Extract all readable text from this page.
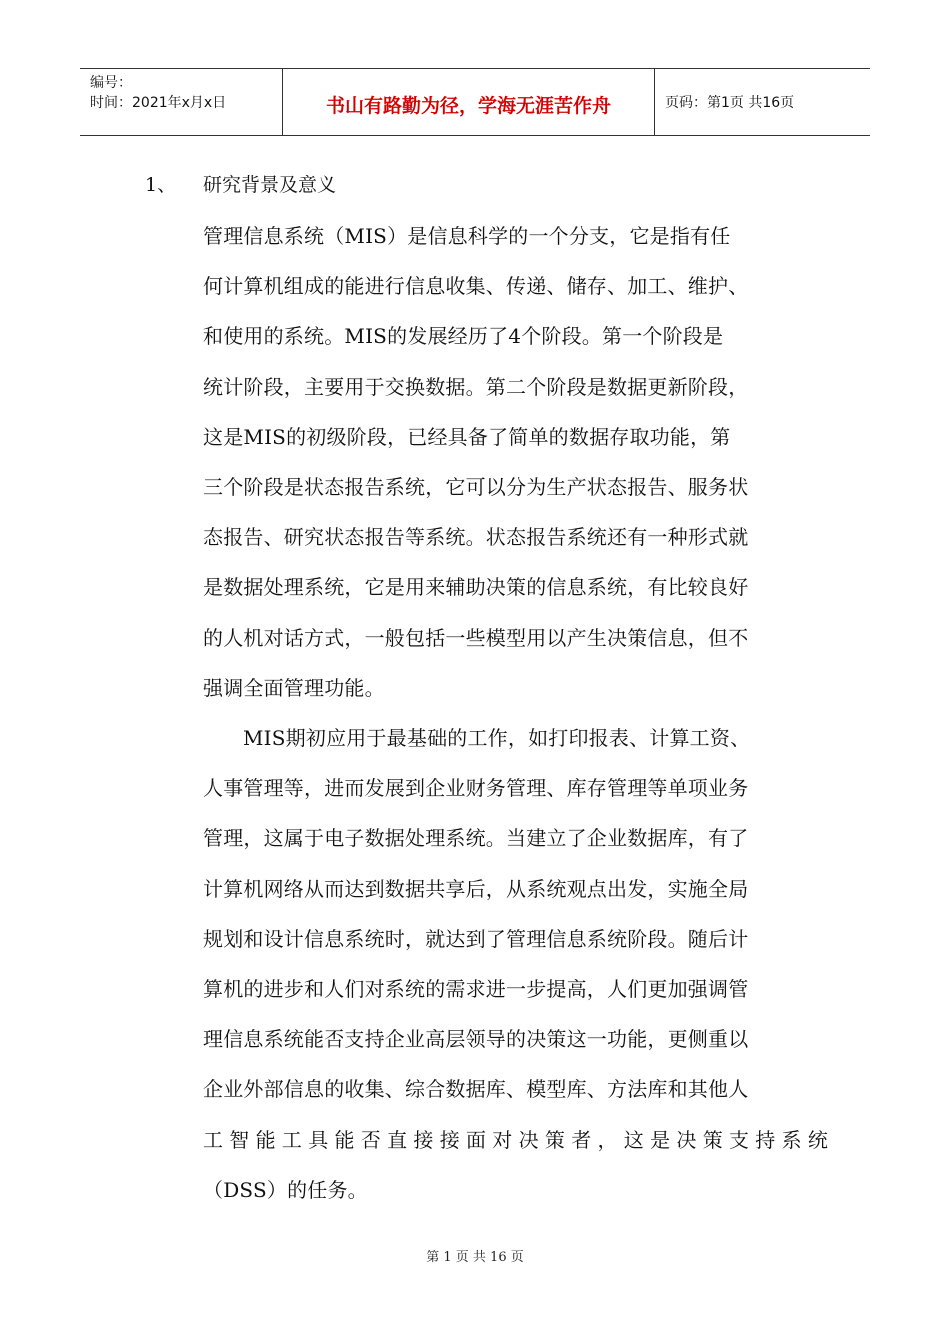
编号：
时间：2021年x月x日	书山有路勤为径，学海无涯苦作舟	页码：第1页 共16页
1、	研究背景及意义

管理信息系统（MIS）是信息科学的一个分支，它是指有任
何计算机组成的能进行信息收集、传递、储存、加工、维护、
和使用的系统。MIS的发展经历了4个阶段。第一个阶段是
统计阶段，主要用于交换数据。第二个阶段是数据更新阶段，
这是MIS的初级阶段，已经具备了简单的数据存取功能，第
三个阶段是状态报告系统，它可以分为生产状态报告、服务状
态报告、研究状态报告等系统。状态报告系统还有一种形式就
是数据处理系统，它是用来辅助决策的信息系统，有比较良好
的人机对话方式，一般包括一些模型用以产生决策信息，但不
强调全面管理功能。

MIS期初应用于最基础的工作，如打印报表、计算工资、
人事管理等，进而发展到企业财务管理、库存管理等单项业务
管理，这属于电子数据处理系统。当建立了企业数据库，有了
计算机网络从而达到数据共享后，从系统观点出发，实施全局
规划和设计信息系统时，就达到了管理信息系统阶段。随后计
算机的进步和人们对系统的需求进一步提高，人们更加强调管
理信息系统能否支持企业高层领导的决策这一功能，更侧重以
企业外部信息的收集、综合数据库、模型库、方法库和其他人
工智能工具能否直接接面对决策者，这是决策支持系统
（DSS）的任务。

第 1 页 共 16 页
